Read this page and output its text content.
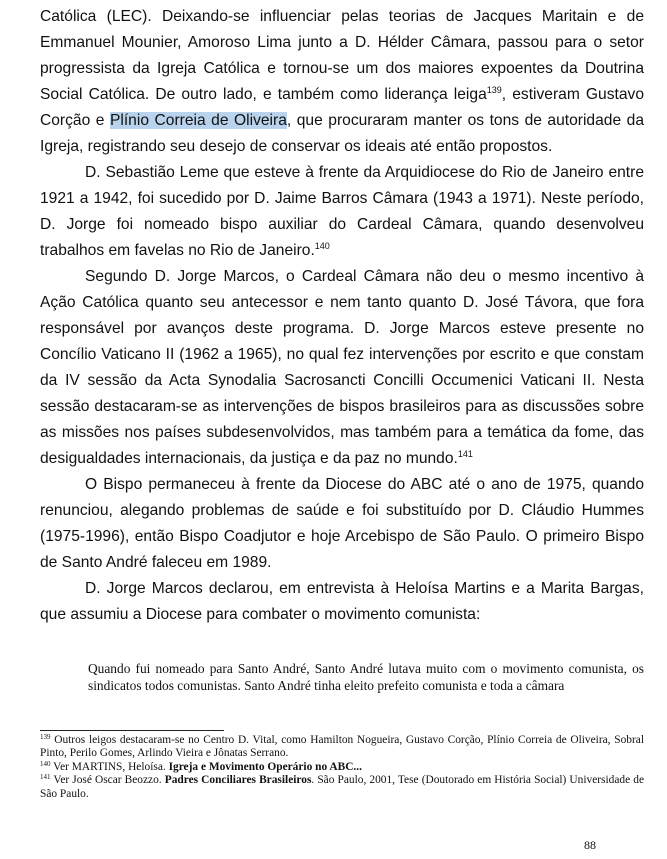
Católica (LEC). Deixando-se influenciar pelas teorias de Jacques Maritain e de Emmanuel Mounier, Amoroso Lima junto a D. Hélder Câmara, passou para o setor progressista da Igreja Católica e tornou-se um dos maiores expoentes da Doutrina Social Católica. De outro lado, e também como liderança leiga$^{139}$, estiveram Gustavo Corção e Plínio Correia de Oliveira, que procuraram manter os tons de autoridade da Igreja, registrando seu desejo de conservar os ideais até então propostos.

D. Sebastião Leme que esteve à frente da Arquidiocese do Rio de Janeiro entre 1921 a 1942, foi sucedido por D. Jaime Barros Câmara (1943 a 1971). Neste período, D. Jorge foi nomeado bispo auxiliar do Cardeal Câmara, quando desenvolveu trabalhos em favelas no Rio de Janeiro.$^{140}$

Segundo D. Jorge Marcos, o Cardeal Câmara não deu o mesmo incentivo à Ação Católica quanto seu antecessor e nem tanto quanto D. José Távora, que fora responsável por avanços deste programa. D. Jorge Marcos esteve presente no Concílio Vaticano II (1962 a 1965), no qual fez intervenções por escrito e que constam da IV sessão da Acta Synodalia Sacrosancti Concilli Occumenici Vaticani II. Nesta sessão destacaram-se as intervenções de bispos brasileiros para as discussões sobre as missões nos países subdesenvolvidos, mas também para a temática da fome, das desigualdades internacionais, da justiça e da paz no mundo.$^{141}$

O Bispo permaneceu à frente da Diocese do ABC até o ano de 1975, quando renunciou, alegando problemas de saúde e foi substituído por D. Cláudio Hummes (1975-1996), então Bispo Coadjutor e hoje Arcebispo de São Paulo. O primeiro Bispo de Santo André faleceu em 1989.

D. Jorge Marcos declarou, em entrevista à Heloísa Martins e a Marita Bargas, que assumiu a Diocese para combater o movimento comunista:

Quando fui nomeado para Santo André, Santo André lutava muito com o movimento comunista, os sindicatos todos comunistas. Santo André tinha eleito prefeito comunista e toda a câmara

$^{139}$ Outros leigos destacaram-se no Centro D. Vital, como Hamilton Nogueira, Gustavo Corção, Plínio Correia de Oliveira, Sobral Pinto, Perilo Gomes, Arlindo Vieira e Jônatas Serrano.

$^{140}$ Ver MARTINS, Heloísa. Igreja e Movimento Operário no ABC...

$^{141}$ Ver José Oscar Beozzo. Padres Conciliares Brasileiros. São Paulo, 2001, Tese (Doutorado em História Social) Universidade de São Paulo.

88
